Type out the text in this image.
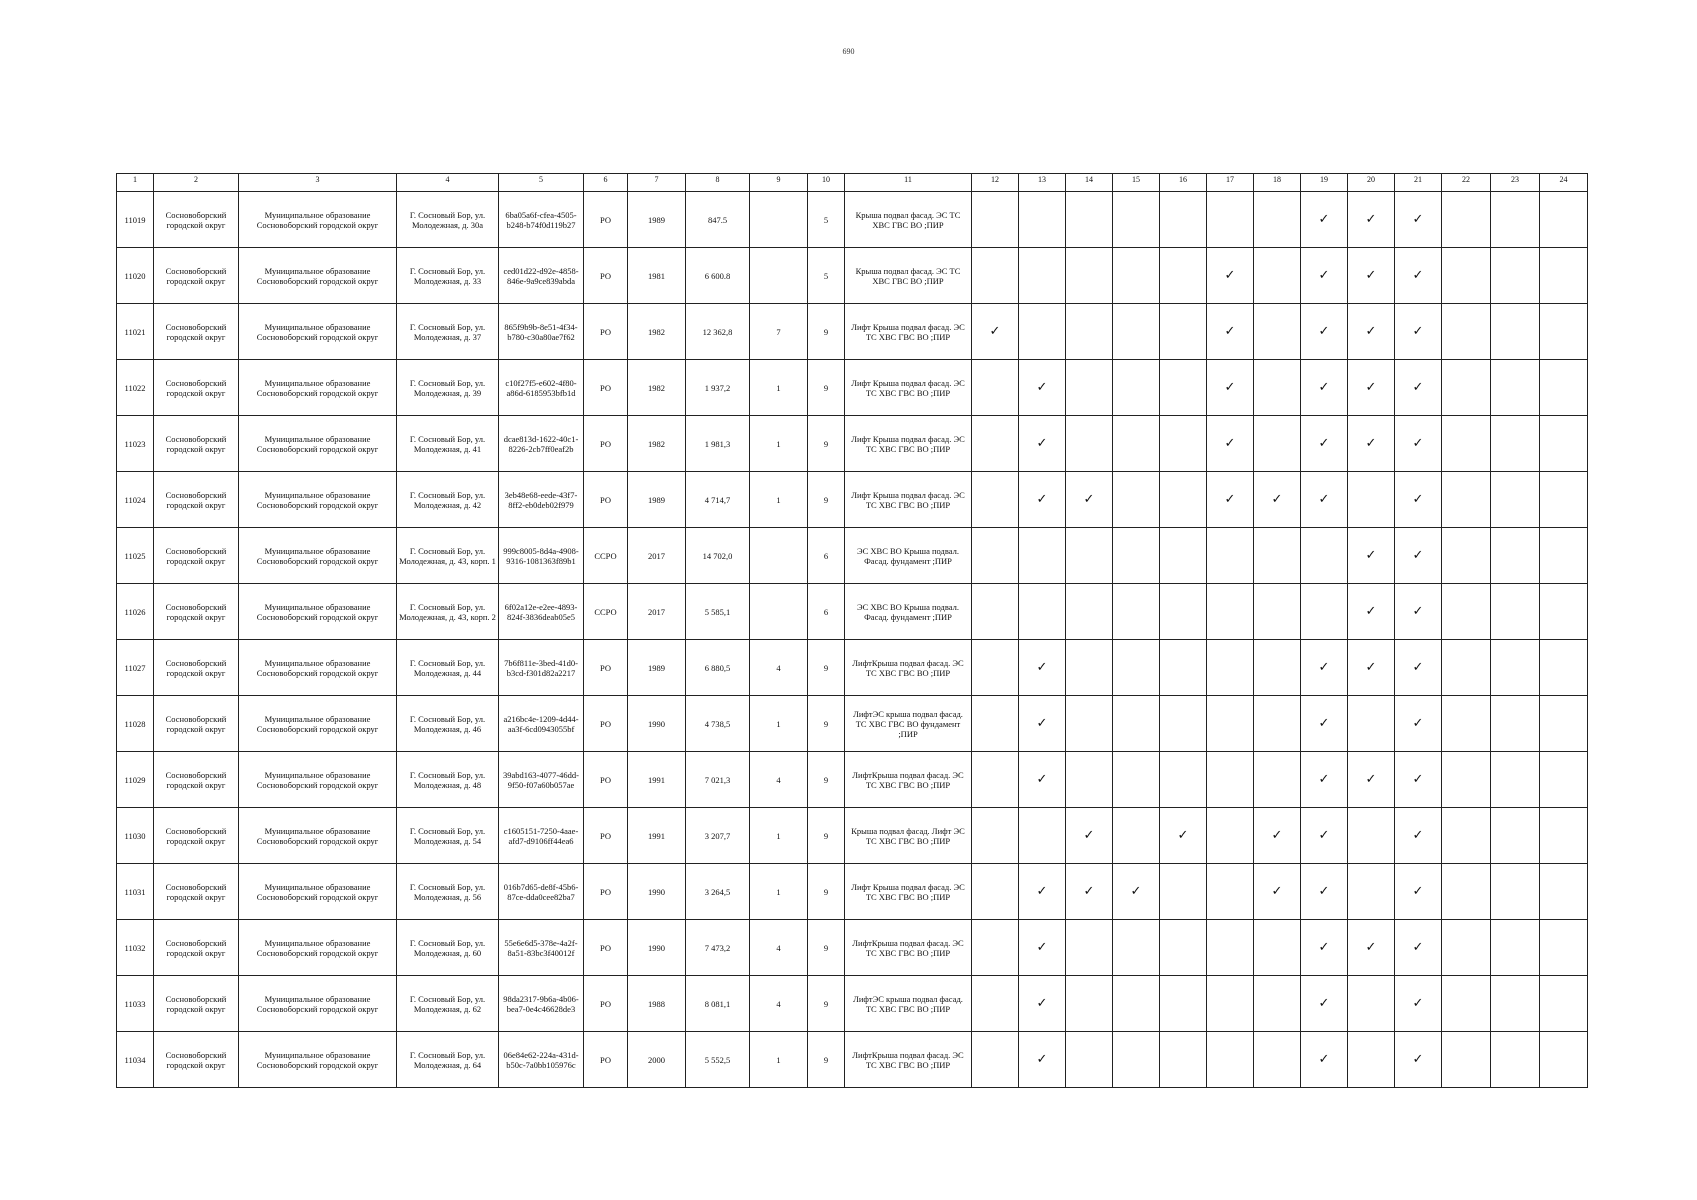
690
1	2	3	4	5	6	7	8	9	10	11	12	13	14	15	16	17	18	19	20	21	22	23	24
11019	Сосновоборский городской округ	Муниципальное образование Сосновоборский городской округ	Г. Сосновый Бор, ул. Молодежная, д. 30а	6ba05a6f-cfea-4505-b248-b74f0d119b27	РО	1989	847.5		5	Крыша подвал фасад. ЭС ТС ХВС ГВС ВО ;ПИР								✓	✓	✓			
11020	Сосновоборский городской округ	Муниципальное образование Сосновоборский городской округ	Г. Сосновый Бор, ул. Молодежная, д. 33	ced01d22-d92e-4858-846e-9a9ce839abda	РО	1981	6 600.8		5	Крыша подвал фасад. ЭС ТС ХВС ГВС ВО ;ПИР						✓		✓	✓	✓			
11021	Сосновоборский городской округ	Муниципальное образование Сосновоборский городской округ	Г. Сосновый Бор, ул. Молодежная, д. 37	865f9b9b-8e51-4f34-b780-c30a80ae7f62	РО	1982	12 362,8	7	9	Лифт Крыша подвал фасад. ЭС ТС ХВС ГВС ВО ;ПИР	✓					✓		✓	✓	✓			
11022	Сосновоборский городской округ	Муниципальное образование Сосновоборский городской округ	Г. Сосновый Бор, ул. Молодежная, д. 39	c10f27f5-e602-4f80-a86d-6185953bfb1d	РО	1982	1 937,2	1	9	Лифт Крыша подвал фасад. ЭС ТС ХВС ГВС ВО ;ПИР		✓				✓		✓	✓	✓			
11023	Сосновоборский городской округ	Муниципальное образование Сосновоборский городской округ	Г. Сосновый Бор, ул. Молодежная, д. 41	dcae813d-1622-40c1-8226-2cb7ff0eaf2b	РО	1982	1 981,3	1	9	Лифт Крыша подвал фасад. ЭС ТС ХВС ГВС ВО ;ПИР		✓				✓		✓	✓	✓			
11024	Сосновоборский городской округ	Муниципальное образование Сосновоборский городской округ	Г. Сосновый Бор, ул. Молодежная, д. 42	3eb48e68-eede-43f7-8ff2-eb0deb02f979	РО	1989	4 714,7	1	9	Лифт Крыша подвал фасад. ЭС ТС ХВС ГВС ВО ;ПИР		✓	✓			✓	✓	✓		✓			
11025	Сосновоборский городской округ	Муниципальное образование Сосновоборский городской округ	Г. Сосновый Бор, ул. Молодежная, д. 43, корп. 1	999c8005-8d4a-4908-9316-1081363f89b1	ССРО	2017	14 702,0		6	ЭС ХВС ВО Крыша подвал. Фасад. фундамент ;ПИР									✓	✓			
11026	Сосновоборский городской округ	Муниципальное образование Сосновоборский городской округ	Г. Сосновый Бор, ул. Молодежная, д. 43, корп. 2	6f02a12e-e2ee-4893-824f-3836deab05e5	ССРО	2017	5 585,1		6	ЭС ХВС ВО Крыша подвал. Фасад. фундамент ;ПИР									✓	✓			
11027	Сосновоборский городской округ	Муниципальное образование Сосновоборский городской округ	Г. Сосновый Бор, ул. Молодежная, д. 44	7b6f811e-3bed-41d0-b3cd-f301d82a2217	РО	1989	6 880,5	4	9	ЛифтКрыша подвал фасад. ЭС ТС ХВС ГВС ВО ;ПИР		✓						✓	✓	✓			
11028	Сосновоборский городской округ	Муниципальное образование Сосновоборский городской округ	Г. Сосновый Бор, ул. Молодежная, д. 46	a216bc4e-1209-4d44-aa3f-6cd0943055bf	РО	1990	4 738,5	1	9	ЛифтЭС крыша подвал фасад. ТС ХВС ГВС ВО фундамент ;ПИР		✓						✓		✓			
11029	Сосновоборский городской округ	Муниципальное образование Сосновоборский городской округ	Г. Сосновый Бор, ул. Молодежная, д. 48	39abd163-4077-46dd-9f50-f07a60b057ae	РО	1991	7 021,3	4	9	ЛифтКрыша подвал фасад. ЭС ТС ХВС ГВС ВО ;ПИР		✓						✓	✓	✓			
11030	Сосновоборский городской округ	Муниципальное образование Сосновоборский городской округ	Г. Сосновый Бор, ул. Молодежная, д. 54	c1605151-7250-4aae-afd7-d9106ff44ea6	РО	1991	3 207,7	1	9	Крыша подвал фасад. Лифт ЭС ТС ХВС ГВС ВО ;ПИР			✓		✓		✓	✓		✓			
11031	Сосновоборский городской округ	Муниципальное образование Сосновоборский городской округ	Г. Сосновый Бор, ул. Молодежная, д. 56	016b7d65-de8f-45b6-87ce-dda0cee82ba7	РО	1990	3 264,5	1	9	Лифт Крыша подвал фасад. ЭС ТС ХВС ГВС ВО ;ПИР		✓	✓	✓			✓	✓		✓			
11032	Сосновоборский городской округ	Муниципальное образование Сосновоборский городской округ	Г. Сосновый Бор, ул. Молодежная, д. 60	55e6e6d5-378e-4a2f-8a51-83bc3f40012f	РО	1990	7 473,2	4	9	ЛифтКрыша подвал фасад. ЭС ТС ХВС ГВС ВО ;ПИР		✓						✓	✓	✓			
11033	Сосновоборский городской округ	Муниципальное образование Сосновоборский городской округ	Г. Сосновый Бор, ул. Молодежная, д. 62	98da2317-9b6a-4b06-bea7-0e4c46628de3	РО	1988	8 081,1	4	9	ЛифтЭС крыша подвал фасад. ТС ХВС ГВС ВО ;ПИР		✓						✓		✓			
11034	Сосновоборский городской округ	Муниципальное образование Сосновоборский городской округ	Г. Сосновый Бор, ул. Молодежная, д. 64	06e84e62-224a-431d-b50c-7a0bb105976c	РО	2000	5 552,5	1	9	ЛифтКрыша подвал фасад. ЭС ТС ХВС ГВС ВО ;ПИР		✓						✓		✓			
